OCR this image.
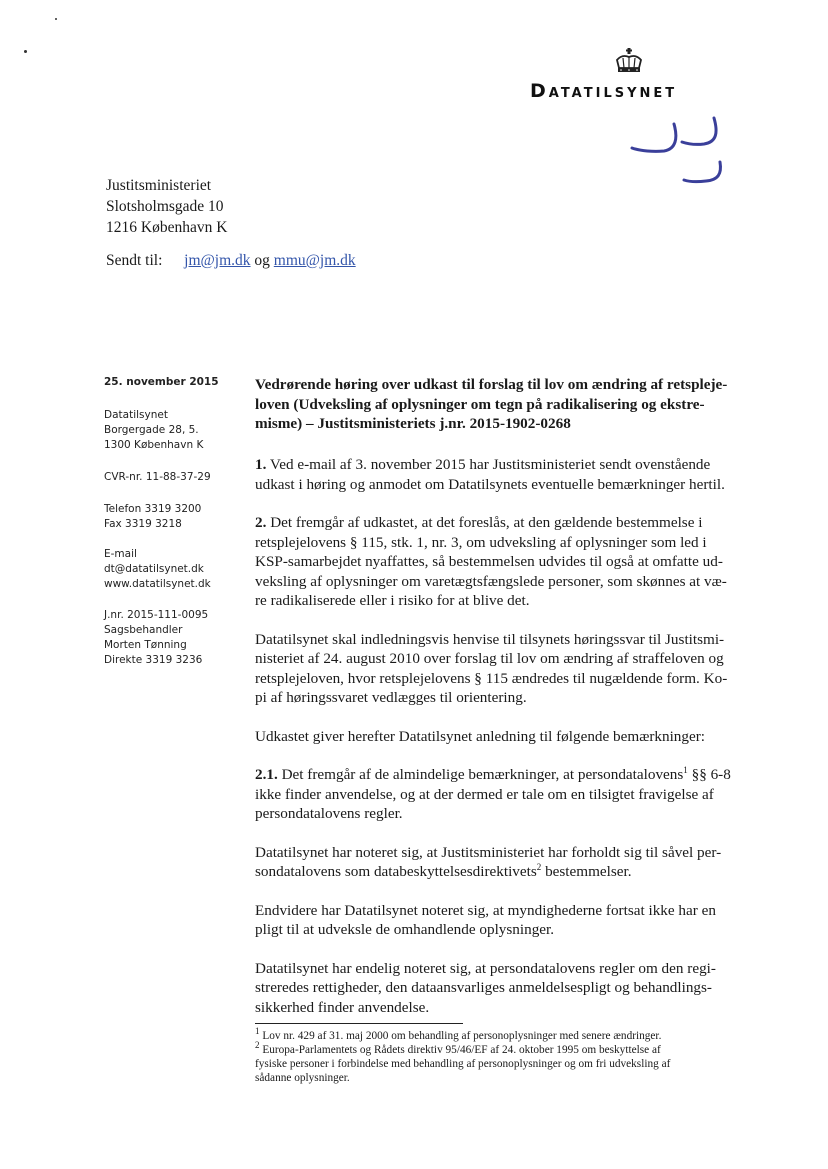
Datatilsynet
Justitsministeriet
Slotsholmsgade 10
1216 København K
Sendt til: jm@jm.dk og mmu@jm.dk

25. november 2015

Datatilsynet

Borgergade 28, 5.

1300 København K

CVR-nr. 11-88-37-29

Telefon 3319 3200

Fax 3319 3218

E-mail

dt@datatilsynet.dk

www.datatilsynet.dk

J.nr. 2015-111-0095

Sagsbehandler

Morten Tønning

Direkte 3319 3236

Vedrørende høring over udkast til forslag til lov om ændring af retspleje-
loven (Udveksling af oplysninger om tegn på radikalisering og ekstre-
misme) – Justitsministeriets j.nr. 2015-1902-0268

1. Ved e-mail af 3. november 2015 har Justitsministeriet sendt ovenstående
udkast i høring og anmodet om Datatilsynets eventuelle bemærkninger hertil.

2. Det fremgår af udkastet, at det foreslås, at den gældende bestemmelse i
retsplejelovens § 115, stk. 1, nr. 3, om udveksling af oplysninger som led i
KSP-samarbejdet nyaffattes, så bestemmelsen udvides til også at omfatte ud-
veksling af oplysninger om varetægtsfængslede personer, som skønnes at væ-
re radikaliserede eller i risiko for at blive det.

Datatilsynet skal indledningsvis henvise til tilsynets høringssvar til Justitsmi-
nisteriet af 24. august 2010 over forslag til lov om ændring af straffeloven og
retsplejeloven, hvor retsplejelovens § 115 ændredes til nugældende form. Ko-
pi af høringssvaret vedlægges til orientering.

Udkastet giver herefter Datatilsynet anledning til følgende bemærkninger:

2.1. Det fremgår af de almindelige bemærkninger, at persondatalovens$^1$ §§ 6-8
ikke finder anvendelse, og at der dermed er tale om en tilsigtet fravigelse af
persondatalovens regler.

Datatilsynet har noteret sig, at Justitsministeriet har forholdt sig til såvel per-
sondatalovens som databeskyttelsesdirektivets$^2$ bestemmelser.

Endvidere har Datatilsynet noteret sig, at myndighederne fortsat ikke har en
pligt til at udveksle de omhandlende oplysninger.

Datatilsynet har endelig noteret sig, at persondatalovens regler om den regi-
streredes rettigheder, den dataansvarliges anmeldelsespligt og behandlings-
sikkerhed finder anvendelse.

$^1$ Lov nr. 429 af 31. maj 2000 om behandling af personoplysninger med senere ændringer.

$^2$ Europa-Parlamentets og Rådets direktiv 95/46/EF af 24. oktober 1995 om beskyttelse af
fysiske personer i forbindelse med behandling af personoplysninger og om fri udveksling af
sådanne oplysninger.
